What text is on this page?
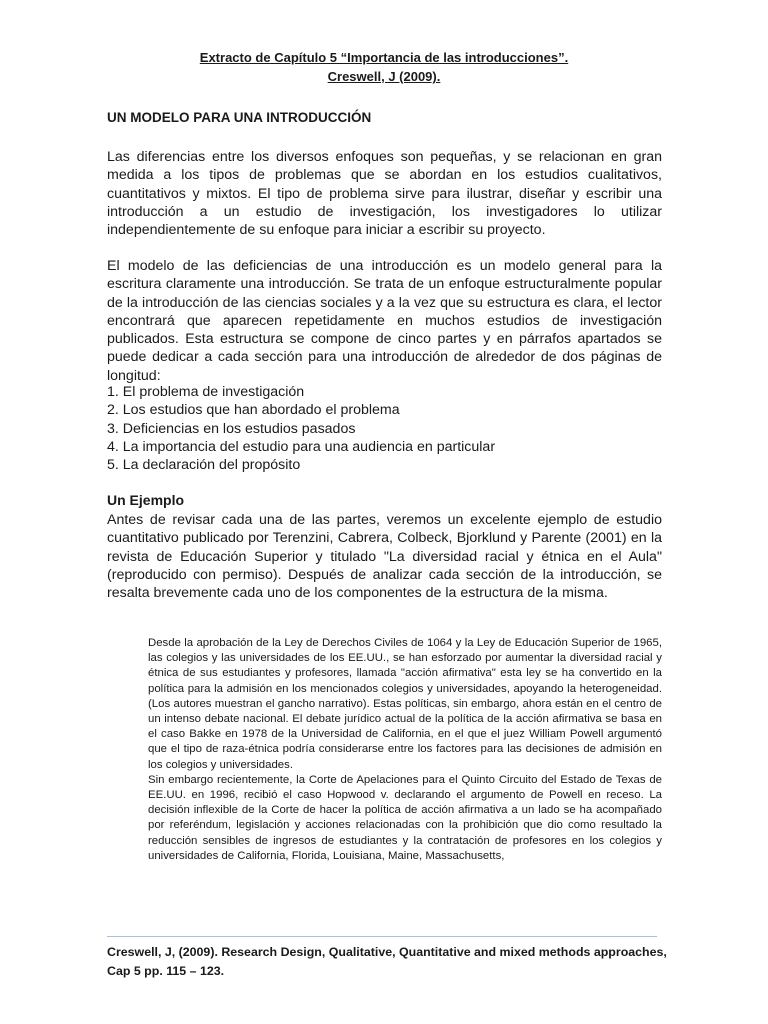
Extracto de Capítulo 5 “Importancia de las introducciones”.
Creswell, J (2009).
UN MODELO PARA UNA INTRODUCCIÓN

Las diferencias entre los diversos enfoques son pequeñas, y se relacionan en gran medida a los tipos de problemas que se abordan en los estudios cualitativos, cuantitativos y mixtos. El tipo de problema sirve para ilustrar, diseñar y escribir una introducción a un estudio de investigación, los investigadores lo utilizar independientemente de su enfoque para iniciar a escribir su proyecto.

El modelo de las deficiencias de una introducción es un modelo general para la escritura claramente una introducción. Se trata de un enfoque estructuralmente popular de la introducción de las ciencias sociales y a la vez que su estructura es clara, el lector encontrará que aparecen repetidamente en muchos estudios de investigación publicados. Esta estructura se compone de cinco partes y en párrafos apartados se puede dedicar a cada sección para una introducción de alrededor de dos páginas de longitud:

1. El problema de investigación
2. Los estudios que han abordado el problema
3. Deficiencias en los estudios pasados
4. La importancia del estudio para una audiencia en particular
5. La declaración del propósito
Un Ejemplo

Antes de revisar cada una de las partes, veremos un excelente ejemplo de estudio cuantitativo publicado por Terenzini, Cabrera, Colbeck, Bjorklund y Parente (2001) en la revista de Educación Superior y titulado "La diversidad racial y étnica en el Aula" (reproducido con permiso). Después de analizar cada sección de la introducción, se resalta brevemente cada uno de los componentes de la estructura de la misma.

Desde la aprobación de la Ley de Derechos Civiles de 1064 y la Ley de Educación Superior de 1965, las colegios y las universidades de los EE.UU., se han esforzado por aumentar la diversidad racial y étnica de sus estudiantes y profesores, llamada "acción afirmativa" esta ley se ha convertido en la política para la admisión en los mencionados colegios y universidades, apoyando la heterogeneidad. (Los autores muestran el gancho narrativo). Estas políticas, sin embargo, ahora están en el centro de un intenso debate nacional. El debate jurídico actual de la política de la acción afirmativa se basa en el caso Bakke en 1978 de la Universidad de California, en el que el juez William Powell argumentó que el tipo de raza-étnica podría considerarse entre los factores para las decisiones de admisión en los colegios y universidades.

Sin embargo recientemente, la Corte de Apelaciones para el Quinto Circuito del Estado de Texas de EE.UU. en 1996, recibió el caso Hopwood v. declarando el argumento de Powell en receso. La decisión inflexible de la Corte de hacer la política de acción afirmativa a un lado se ha acompañado por referéndum, legislación y acciones relacionadas con la prohibición que dio como resultado la reducción sensibles de ingresos de estudiantes y la contratación de profesores en los colegios y universidades de California, Florida, Louisiana, Maine, Massachusetts,

Creswell, J, (2009). Research Design, Qualitative, Quantitative and mixed methods approaches,
Cap 5 pp. 115 – 123.
